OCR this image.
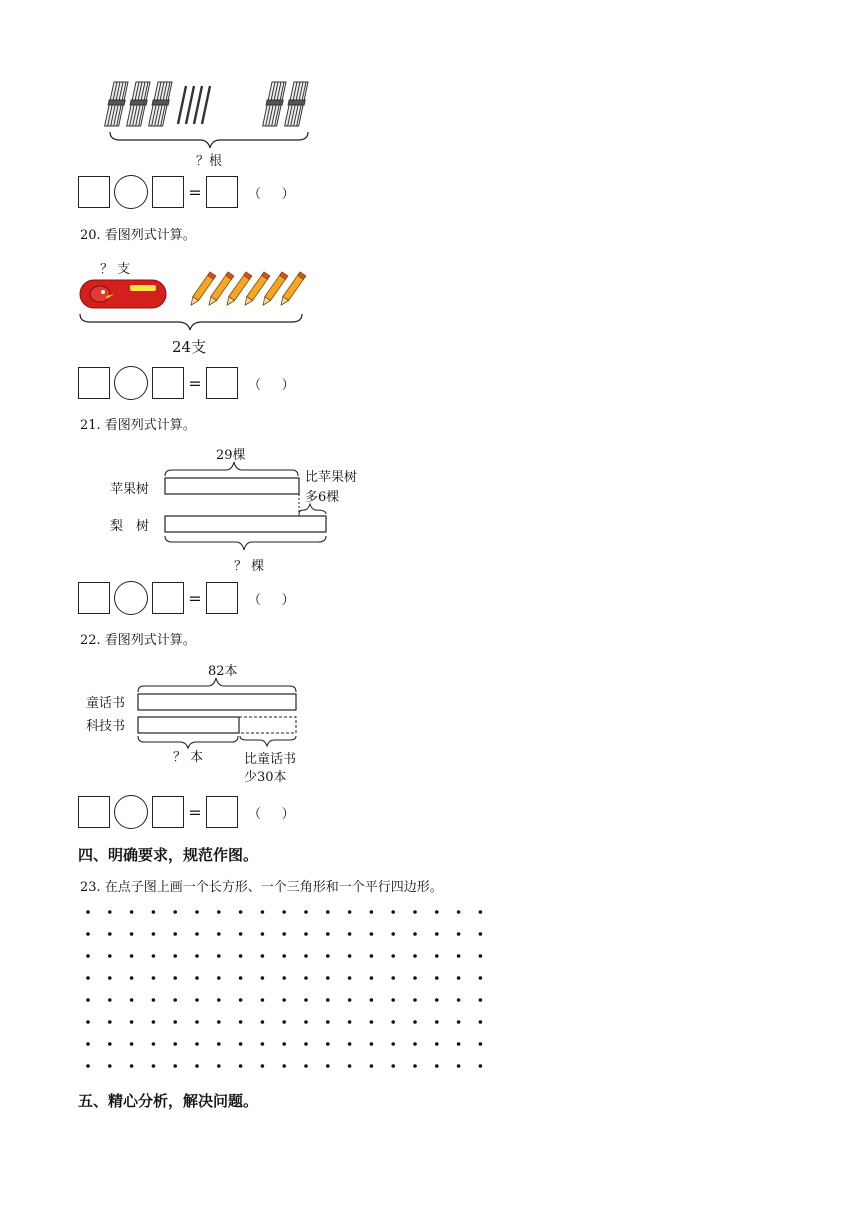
？根
=	（     ）
20. 看图列式计算。
？ 支
24支
=	（     ）
21. 看图列式计算。
29棵
苹果树
梨　树
比苹果树
多6棵
？ 棵
=	（     ）
22. 看图列式计算。
82本
童话书
科技书
？ 本	比童话书
少30本
=	（     ）
四、明确要求，规范作图。
23. 在点子图上画一个长方形、一个三角形和一个平行四边形。
五、精心分析，解决问题。
